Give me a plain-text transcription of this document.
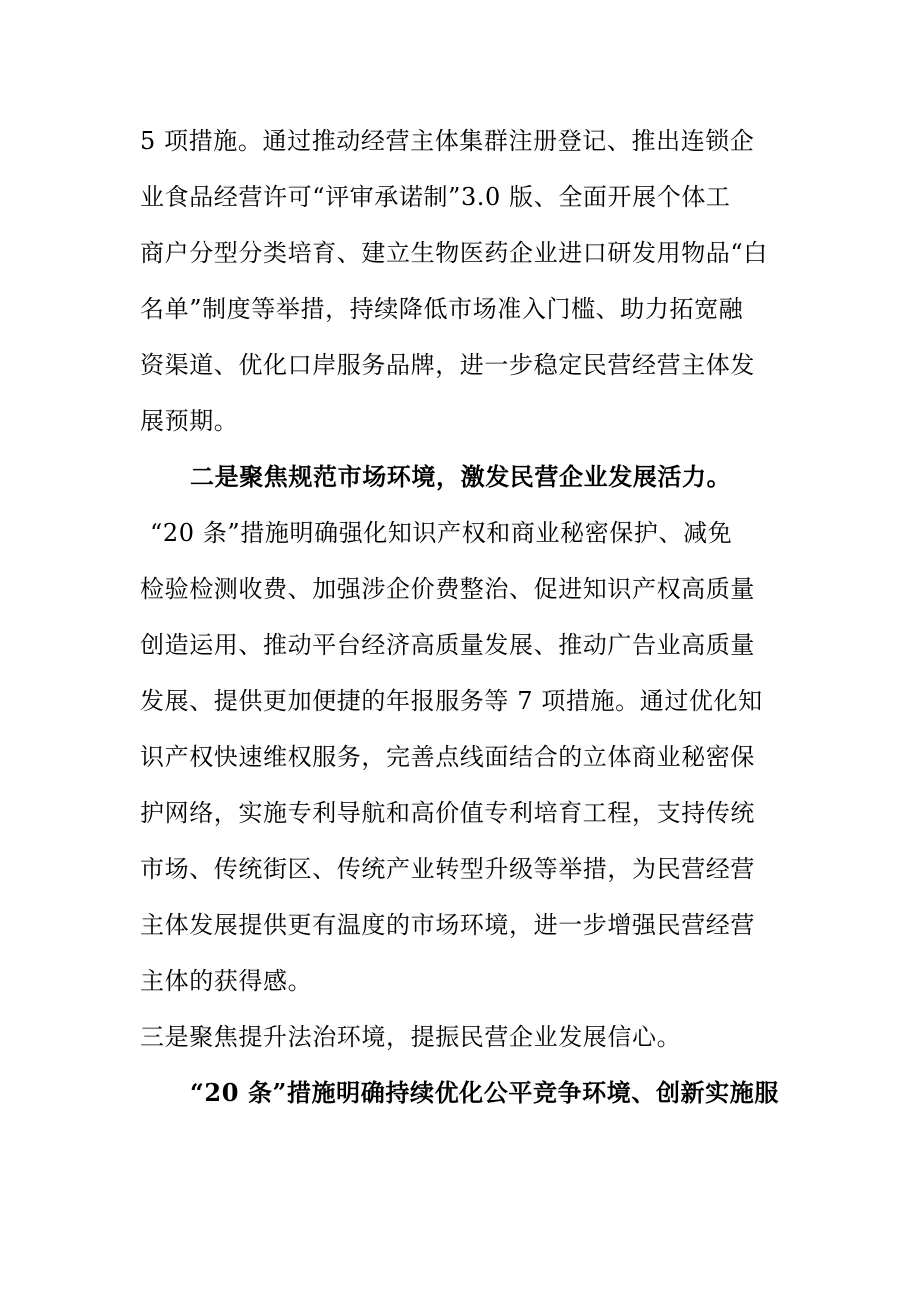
5 项措施。通过推动经营主体集群注册登记、推出连锁企
业食品经营许可“评审承诺制”3.0 版、全面开展个体工
商户分型分类培育、建立生物医药企业进口研发用物品“白
名单”制度等举措，持续降低市场准入门槛、助力拓宽融
资渠道、优化口岸服务品牌，进一步稳定民营经营主体发
展预期。
二是聚焦规范市场环境，激发民营企业发展活力。
“20 条”措施明确强化知识产权和商业秘密保护、减免
检验检测收费、加强涉企价费整治、促进知识产权高质量
创造运用、推动平台经济高质量发展、推动广告业高质量
发展、提供更加便捷的年报服务等 7 项措施。通过优化知
识产权快速维权服务，完善点线面结合的立体商业秘密保
护网络，实施专利导航和高价值专利培育工程，支持传统
市场、传统街区、传统产业转型升级等举措，为民营经营
主体发展提供更有温度的市场环境，进一步增强民营经营
主体的获得感。
三是聚焦提升法治环境，提振民营企业发展信心。
“20 条”措施明确持续优化公平竞争环境、创新实施服
